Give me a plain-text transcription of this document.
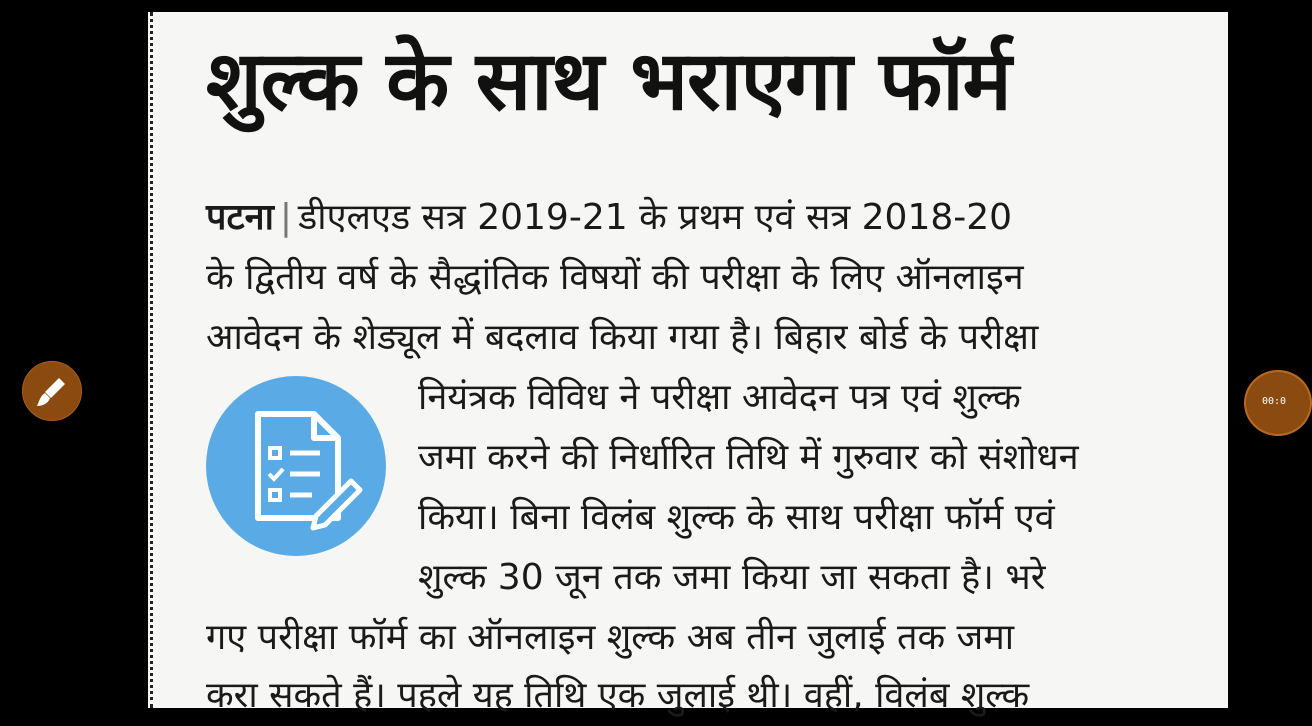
शुल्क के साथ भराएगा फॉर्म
पटना | डीएलएड सत्र 2019-21 के प्रथम एवं सत्र 2018-20
के द्वितीय वर्ष के सैद्धांतिक विषयों की परीक्षा के लिए ऑनलाइन
आवेदन के शेड्यूल में बदलाव किया गया है। बिहार बोर्ड के परीक्षा
नियंत्रक विविध ने परीक्षा आवेदन पत्र एवं शुल्क
जमा करने की निर्धारित तिथि में गुरुवार को संशोधन
किया। बिना विलंब शुल्क के साथ परीक्षा फॉर्म एवं
शुल्क 30 जून तक जमा किया जा सकता है। भरे
गए परीक्षा फॉर्म का ऑनलाइन शुल्क अब तीन जुलाई तक जमा
करा सकते हैं। पहले यह तिथि एक जुलाई थी। वहीं, विलंब शुल्क
00:0
